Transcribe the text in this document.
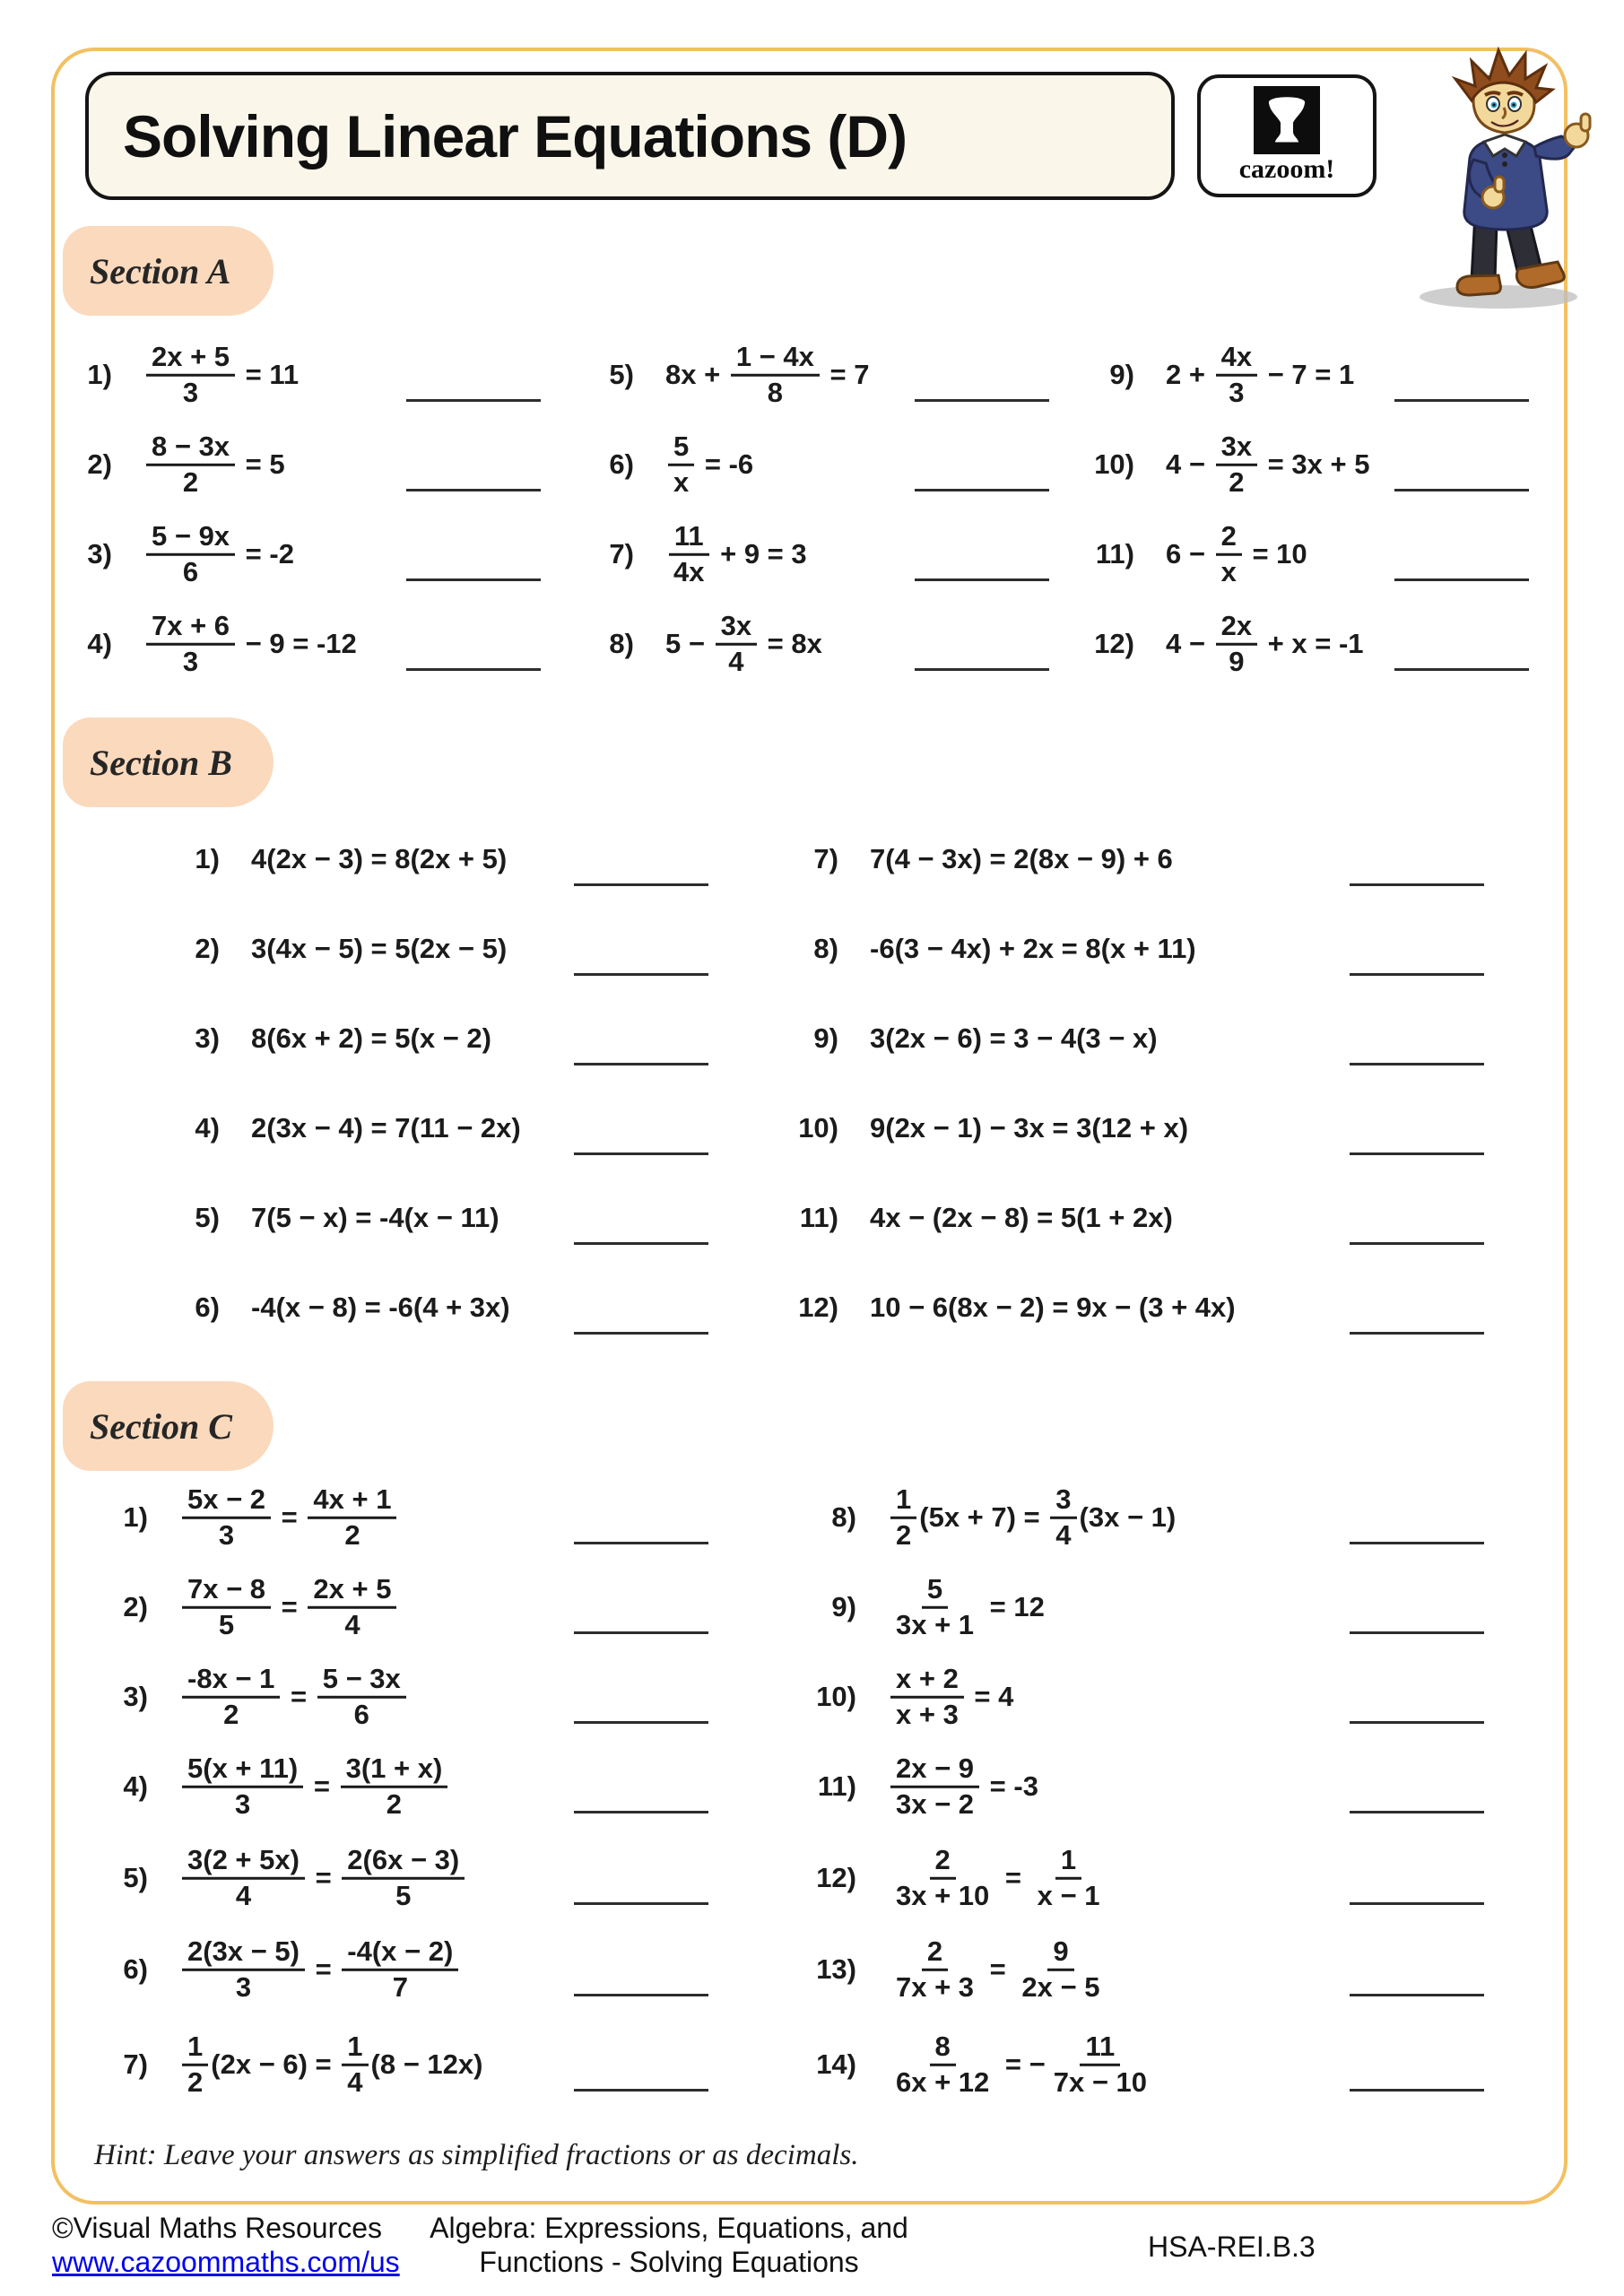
Solving Linear Equations (D)	cazoom!
Section A
$1) \frac{2x + 5}{3} = 11$
$2) \frac{8 - 3x}{2} = 5$
$3) \frac{5 - 9x}{6} = -2$
$4) \frac{7x + 6}{3} - 9 = -12$
5) $8x + \frac{1 - 4x}{8} = 7$
$6) \frac{5}{x} = -6$
$7) \frac{11}{4x} + 9 = 3$
8) $5 - \frac{3x}{4} = 8x$
9) $2 + \frac{4x}{3} - 7 = 1$
10) $4 - \frac{3x}{2} = 3x + 5$
11) $6 - \frac{2}{x} = 10$
12) $4 - \frac{2x}{9} + x = -1$
Section B
1) 4(2x − 3) = 8(2x + 5)
2) 3(4x − 5) = 5(2x − 5)
3) 8(6x + 2) = 5(x − 2)
4) 2(3x − 4) = 7(11 − 2x)
5) 7(5 − x) = -4(x − 11)
6) -4(x − 8) = -6(4 + 3x)
7) 7(4 − 3x) = 2(8x − 9) + 6
8) -6(3 − 4x) + 2x = 8(x + 11)
9) 3(2x − 6) = 3 − 4(3 − x)
10) 9(2x − 1) − 3x = 3(12 + x)
11) 4x − (2x − 8) = 5(1 + 2x)
12) 10 − 6(8x − 2) = 9x − (3 + 4x)
Section C
$1) \frac{5x - 2}{3} = \frac{4x + 1}{2}$
$2) \frac{7x - 8}{5} = \frac{2x + 5}{4}$
$3) \frac{-8x - 1}{2} = \frac{5 - 3x}{6}$
$4) \frac{5(x + 11)}{3} = \frac{3(1 + x)}{2}$
$5) \frac{3(2 + 5x)}{4} = \frac{2(6x - 3)}{5}$
$6) \frac{2(3x - 5)}{3} = \frac{-4(x - 2)}{7}$
$7) \frac{1}{2} (2x - 6) = \frac{1}{4} (8 - 12x)$
$8) \frac{1}{2} (5x + 7) = \frac{3}{4} (3x - 1)$
$9) \frac{5}{3x + 1} = 12$
$10) \frac{x + 2}{x + 3} = 4$
$11) \frac{2x - 9}{3x - 2} = -3$
$12) \frac{2}{3x + 10} = \frac{1}{x - 1}$
$13) \frac{2}{7x + 3} = \frac{9}{2x - 5}$
$14) \frac{8}{6x + 12}$ = − $\frac{11}{7x - 10}$
Hint: Leave your answers as simplified fractions or as decimals.
©Visual Maths Resources
www.cazoommaths.com/us
Algebra: Expressions, Equations, and
Functions - Solving Equations	HSA-REI.B.3
